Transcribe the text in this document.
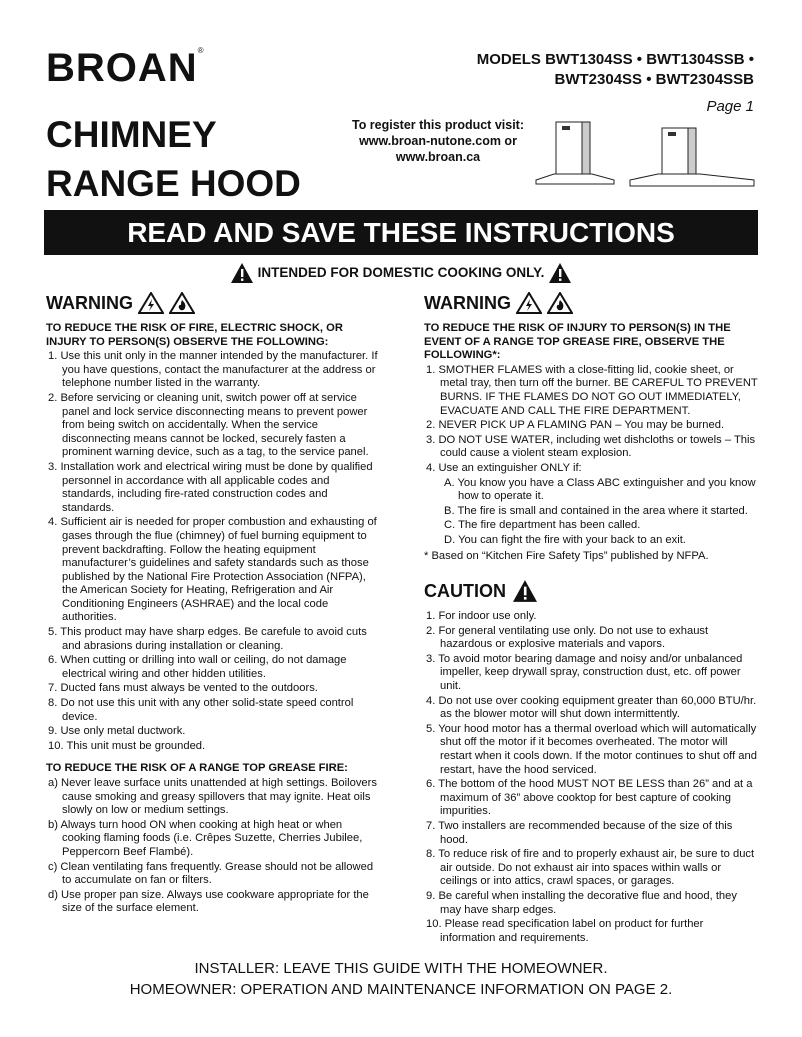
BROAN®
MODELS BWT1304SS • BWT1304SSB •
BWT2304SS • BWT2304SSB
Page 1
CHIMNEY
RANGE HOOD
To register this product visit:
www.broan-nutone.com or
www.broan.ca
READ AND SAVE THESE INSTRUCTIONS
INTENDED FOR DOMESTIC COOKING ONLY.
WARNING

TO REDUCE THE RISK OF FIRE, ELECTRIC SHOCK, OR INJURY TO PERSON(S) OBSERVE THE FOLLOWING:

1. Use this unit only in the manner intended by the manufacturer. If you have questions, contact the manufacturer at the address or telephone number listed in the warranty.
2. Before servicing or cleaning unit, switch power off at service panel and lock service disconnecting means to prevent power from being switch on accidentally. When the service disconnecting means cannot be locked, securely fasten a prominent warning device, such as a tag, to the service panel.
3. Installation work and electrical wiring must be done by qualified personnel in accordance with all applicable codes and standards, including fire-rated construction codes and standards.
4. Sufficient air is needed for proper combustion and exhausting of gases through the flue (chimney) of fuel burning equipment to prevent backdrafting. Follow the heating equipment manufacturer’s guidelines and safety standards such as those published by the National Fire Protection Association (NFPA), the American Society for Heating, Refrigeration and Air Conditioning Engineers (ASHRAE) and the local code authorities.
5. This product may have sharp edges. Be carefule to avoid cuts and abrasions during installation or cleaning.
6. When cutting or drilling into wall or ceiling, do not damage electrical wiring and other hidden utilities.
7. Ducted fans must always be vented to the outdoors.
8. Do not use this unit with any other solid-state speed control device.
9. Use only metal ductwork.
10. This unit must be grounded.

TO REDUCE THE RISK OF A RANGE TOP GREASE FIRE:

a) Never leave surface units unattended at high settings. Boilovers cause smoking and greasy spillovers that may ignite. Heat oils slowly on low or medium settings.
b) Always turn hood ON when cooking at high heat or when cooking flaming foods (i.e. Crêpes Suzette, Cherries Jubilee, Peppercorn Beef Flambé).
c) Clean ventilating fans frequently. Grease should not be allowed to accumulate on fan or filters.
d) Use proper pan size. Always use cookware appropriate for the size of the surface element.
WARNING

TO REDUCE THE RISK OF INJURY TO PERSON(S) IN THE EVENT OF A RANGE TOP GREASE FIRE, OBSERVE THE FOLLOWING*:

1. SMOTHER FLAMES with a close-fitting lid, cookie sheet, or metal tray, then turn off the burner. BE CAREFUL TO PREVENT BURNS. IF THE FLAMES DO NOT GO OUT IMMEDIATELY, EVACUATE AND CALL THE FIRE DEPARTMENT.
2. NEVER PICK UP A FLAMING PAN – You may be burned.
3. DO NOT USE WATER, including wet dishcloths or towels – This could cause a violent steam explosion.
4. Use an extinguisher ONLY if:
A. You know you have a Class ABC extinguisher and you know how to operate it.
B. The fire is small and contained in the area where it started.
C. The fire department has been called.
D. You can fight the fire with your back to an exit.

* Based on “Kitchen Fire Safety Tips” published by NFPA.

CAUTION
1. For indoor use only.
2. For general ventilating use only. Do not use to exhaust hazardous or explosive materials and vapors.
3. To avoid motor bearing damage and noisy and/or unbalanced impeller, keep drywall spray, construction dust, etc. off power unit.
4. Do not use over cooking equipment greater than 60,000 BTU/hr. as the blower motor will shut down intermittently.
5. Your hood motor has a thermal overload which will automatically shut off the motor if it becomes overheated. The motor will restart when it cools down. If the motor continues to shut off and restart, have the hood serviced.
6. The bottom of the hood MUST NOT BE LESS than 26” and at a maximum of 36” above cooktop for best capture of cooking impurities.
7. Two installers are recommended because of the size of this hood.
8. To reduce risk of fire and to properly exhaust air, be sure to duct air outside. Do not exhaust air into spaces within walls or ceilings or into attics, crawl spaces, or garages.
9. Be careful when installing the decorative flue and hood, they may have sharp edges.
10. Please read specification label on product for further information and requirements.
INSTALLER: LEAVE THIS GUIDE WITH THE HOMEOWNER.
HOMEOWNER: OPERATION AND MAINTENANCE INFORMATION ON PAGE 2.
